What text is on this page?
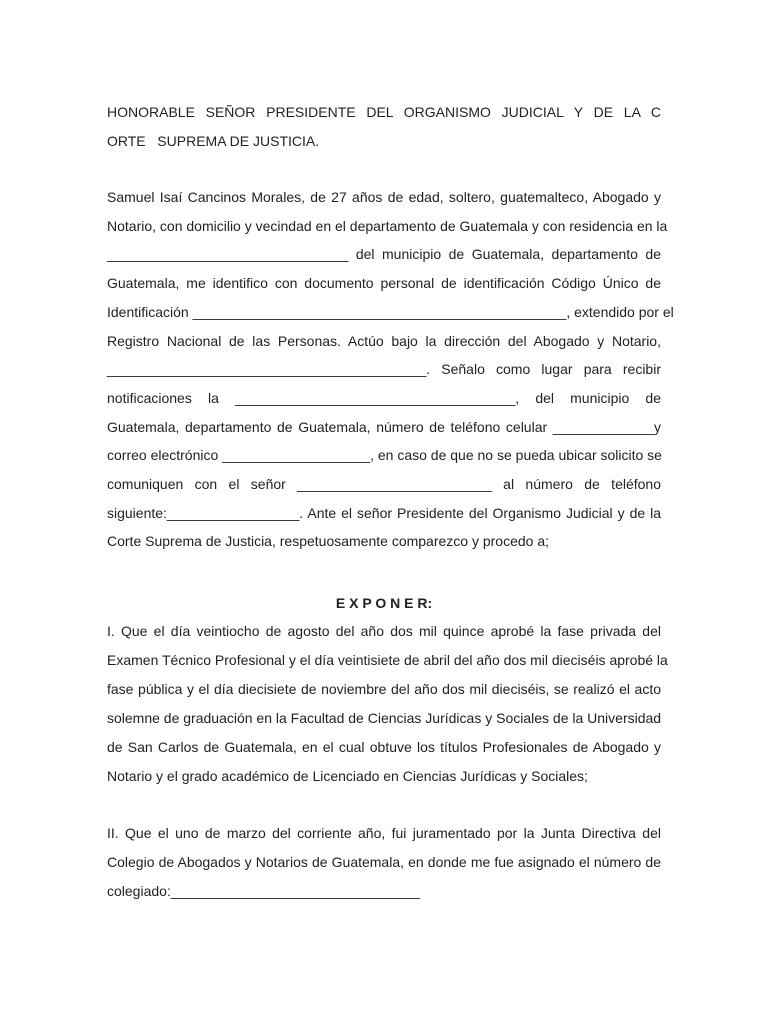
HONORABLE SEÑOR PRESIDENTE DEL ORGANISMO JUDICIAL Y DE LA C
ORTE   SUPREMA DE JUSTICIA.
Samuel Isaí Cancinos Morales, de 27 años de edad, soltero, guatemalteco, Abogado y
Notario, con domicilio y vecindad en el departamento de Guatemala y con residencia en la
_______________________________ del municipio de Guatemala, departamento de
Guatemala, me identifico con documento personal de identificación Código Único de
Identificación ________________________________________________, extendido por el
Registro Nacional de las Personas. Actúo bajo la dirección del Abogado y Notario,
_________________________________________. Señalo como lugar para recibir
notificaciones la ____________________________________, del municipio de
Guatemala, departamento de Guatemala, número de teléfono celular _____________y
correo electrónico ___________________, en caso de que no se pueda ubicar solicito se
comuniquen con el señor _________________________ al número de teléfono
siguiente:_________________. Ante el señor Presidente del Organismo Judicial y de la
Corte Suprema de Justicia, respetuosamente comparezco y procedo a;
E X P O N E R:
I. Que el día veintiocho de agosto del año dos mil quince aprobé la fase privada del
Examen Técnico Profesional y el día veintisiete de abril del año dos mil dieciséis aprobé la
fase pública y el día diecisiete de noviembre del año dos mil dieciséis, se realizó el acto
solemne de graduación en la Facultad de Ciencias Jurídicas y Sociales de la Universidad
de San Carlos de Guatemala, en el cual obtuve los títulos Profesionales de Abogado y
Notario y el grado académico de Licenciado en Ciencias Jurídicas y Sociales;
II. Que el uno de marzo del corriente año, fui juramentado por la Junta Directiva del
Colegio de Abogados y Notarios de Guatemala, en donde me fue asignado el número de
colegiado:________________________________
